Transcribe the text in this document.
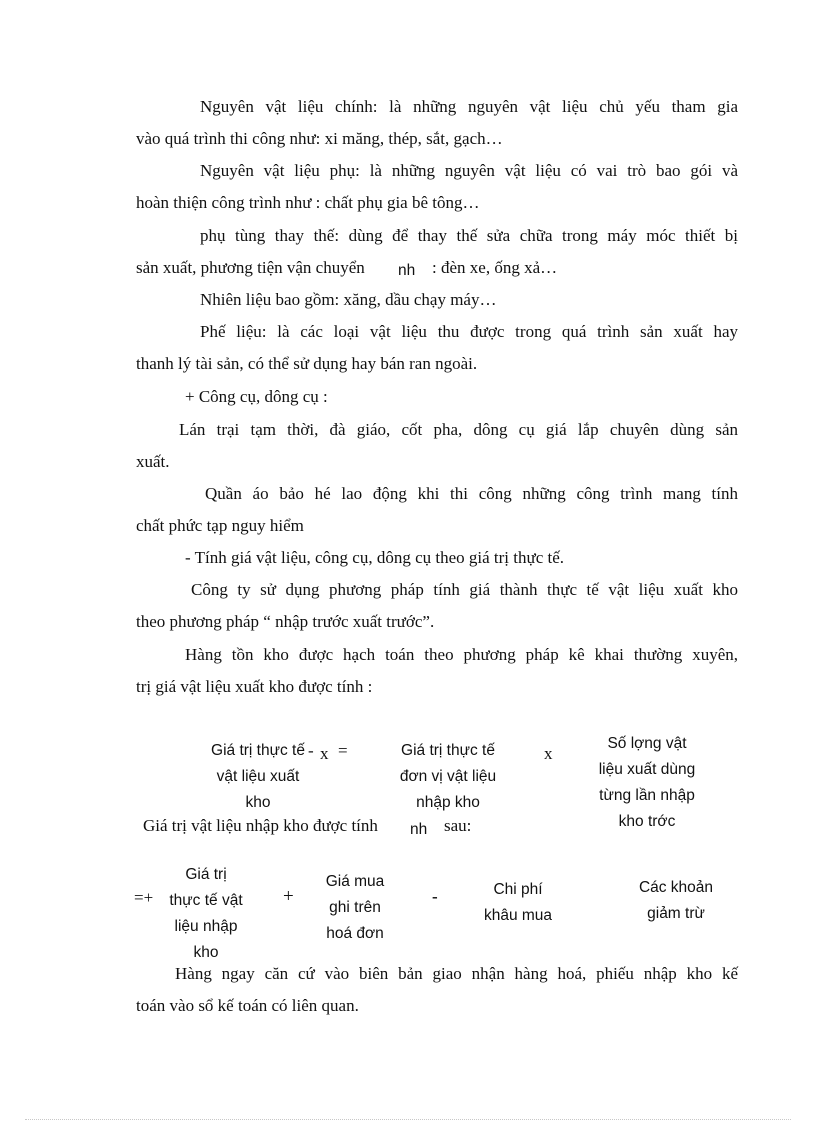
Nguyên vật liệu chính: là những nguyên vật liệu chủ yếu tham gia
vào quá trình thi công như: xi măng, thép, sắt, gạch…
Nguyên vật liệu phụ: là những nguyên vật liệu có vai trò bao gói và
hoàn thiện công trình như : chất phụ gia bê tông…
phụ tùng thay thế: dùng để thay thế sửa chữa trong máy móc thiết bị
sản xuất, phương tiện vận chuyển nh : đèn xe, ống xả…
Nhiên liệu bao gồm: xăng, dầu chạy máy…
Phế liệu: là các loại vật liệu thu được trong quá trình sản xuất hay
thanh lý tài sản, có thể sử dụng hay bán ran ngoài.
+ Công cụ, dông cụ :
Lán trại tạm thời, đà giáo, cốt pha, dông cụ giá lắp chuyên dùng sản
xuất.
Quần áo bảo hé lao động khi thi công những công trình mang tính
chất phức tạp nguy hiểm
- Tính giá vật liệu, công cụ, dông cụ theo giá trị thực tế.
Công ty sử dụng phương pháp tính giá thành thực tế vật liệu xuất kho
theo phương pháp “ nhập trước xuất trước”.
Hàng tồn kho được hạch toán theo phương pháp kê khai thường xuyên,
trị giá vật liệu xuất kho được tính :
Giá trị thực tế
vật liệu xuất
kho
- x =	Giá trị thực tế
đơn vị vật liệu
nhập kho
x
Số lợng vật
liệu xuất dùng
từng lần nhập
kho trớc
Giá trị vật liệu nhập kho được tính nh sau:
=+
Giá trị
thực tế vật
liệu nhập
kho
+
Giá mua
ghi trên
hoá đơn
-	Chi phí
khâu mua
Các khoản
giảm trừ
Hàng ngay căn cứ vào biên bản giao nhận hàng hoá, phiếu nhập kho kế
toán vào sổ kế toán có liên quan.
